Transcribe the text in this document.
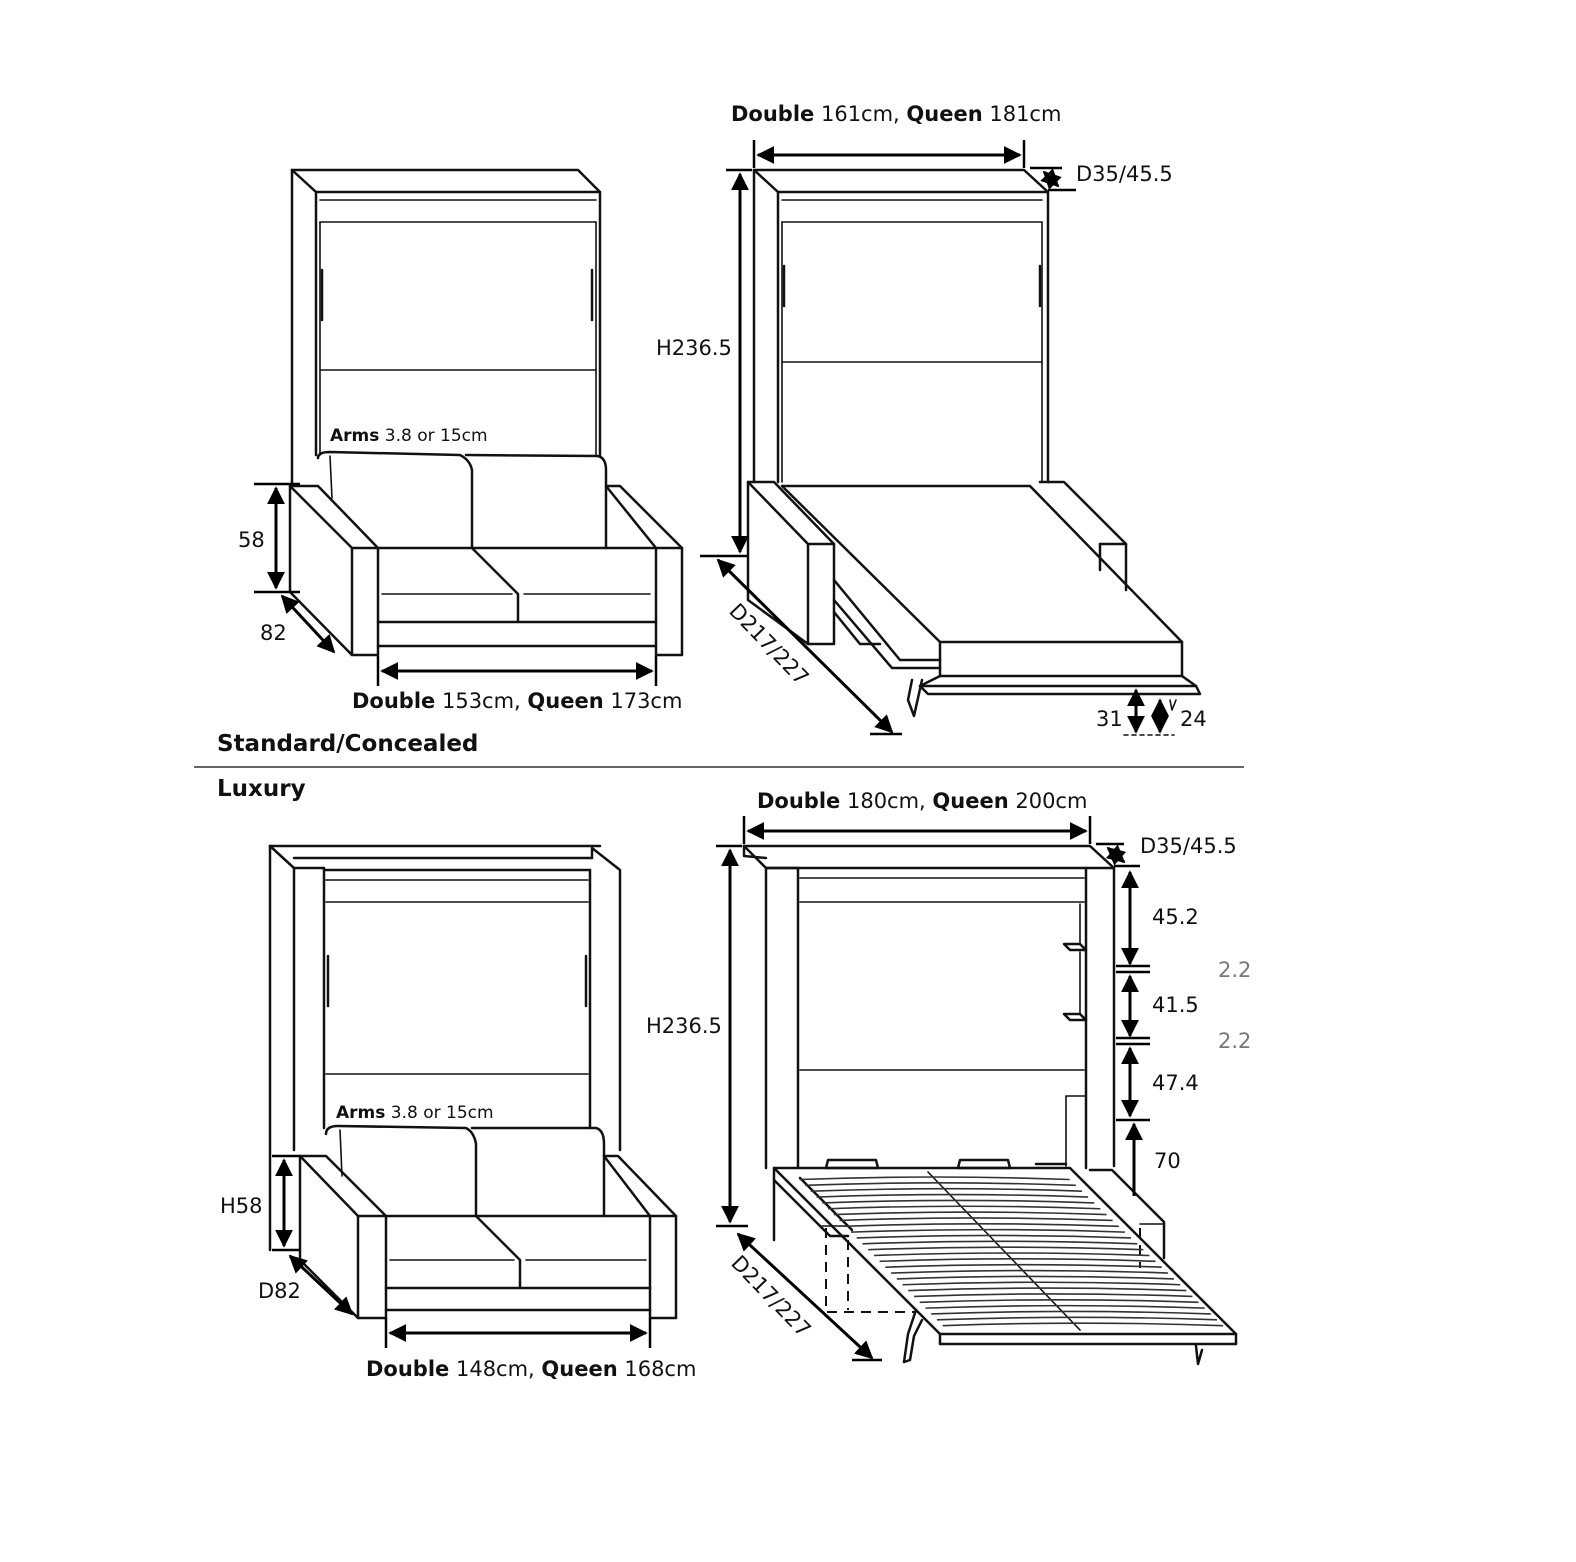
Arms 3.8 or 15cm
58
82
Double 153cm, Queen 173cm
Double 161cm, Queen 181cm
D35/45.5
H236.5
D217/227
31	24
Standard/Concealed
Luxury
Arms 3.8 or 15cm
H58
D82
Double 148cm, Queen 168cm
Double 180cm, Queen 200cm
D35/45.5
H236.5
D217/227
45.2
2.2
41.5
2.2
47.4
70
